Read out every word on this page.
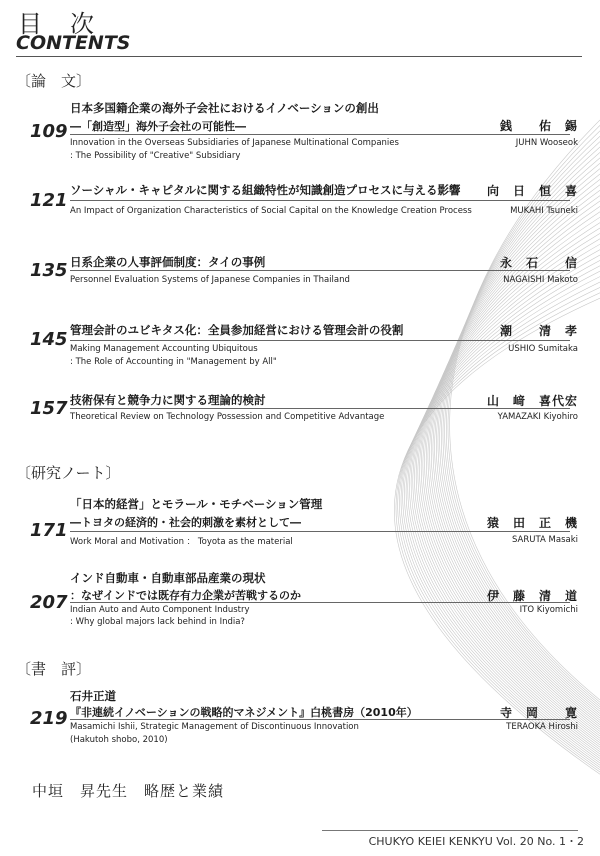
目　次
CONTENTS
〔論　文〕
日本多国籍企業の海外子会社におけるイノベーションの創出
―「創造型」海外子会社の可能性―
109	銭　　佑　錫
Innovation in the Overseas Subsidiaries of Japanese Multinational Companies
: The Possibility of "Creative" Subsidiary
JUHN Wooseok
ソーシャル・キャピタルに関する組織特性が知識創造プロセスに与える影響
121	向　日　恒　喜
An Impact of Organization Characteristics of Social Capital on the Knowledge Creation Process	MUKAHI Tsuneki
日系企業の人事評価制度：タイの事例
135	永　石　　信
Personnel Evaluation Systems of Japanese Companies in Thailand	NAGAISHI Makoto
管理会計のユビキタス化：全員参加経営における管理会計の役割
145	潮　　清　孝
Making Management Accounting Ubiquitous
: The Role of Accounting in "Management by All"
USHIO Sumitaka
技術保有と競争力に関する理論的検討
157	山　﨑　喜代宏
Theoretical Review on Technology Possession and Competitive Advantage	YAMAZAKI Kiyohiro
〔研究ノート〕
「日本的経営」とモラール・モチベーション管理
―トヨタの経済的・社会的刺激を素材として―
171	猿　田　正　機
Work Moral and Motivation ： Toyota as the material	SARUTA Masaki
インド自動車・自動車部品産業の現状
：なぜインドでは既存有力企業が苦戦するのか
207	伊　藤　清　道
Indian Auto and Auto Component Industry
: Why global majors lack behind in India?
ITO Kiyomichi
〔書　評〕
石井正道
『非連続イノベーションの戦略的マネジメント』白桃書房（2010年）
219	寺　岡　　寛
Masamichi Ishii, Strategic Management of Discontinuous Innovation
(Hakutoh shobo, 2010)
TERAOKA Hiroshi
中垣　昇先生　略歴と業績
CHUKYO KEIEI KENKYU Vol. 20 No. 1・2
